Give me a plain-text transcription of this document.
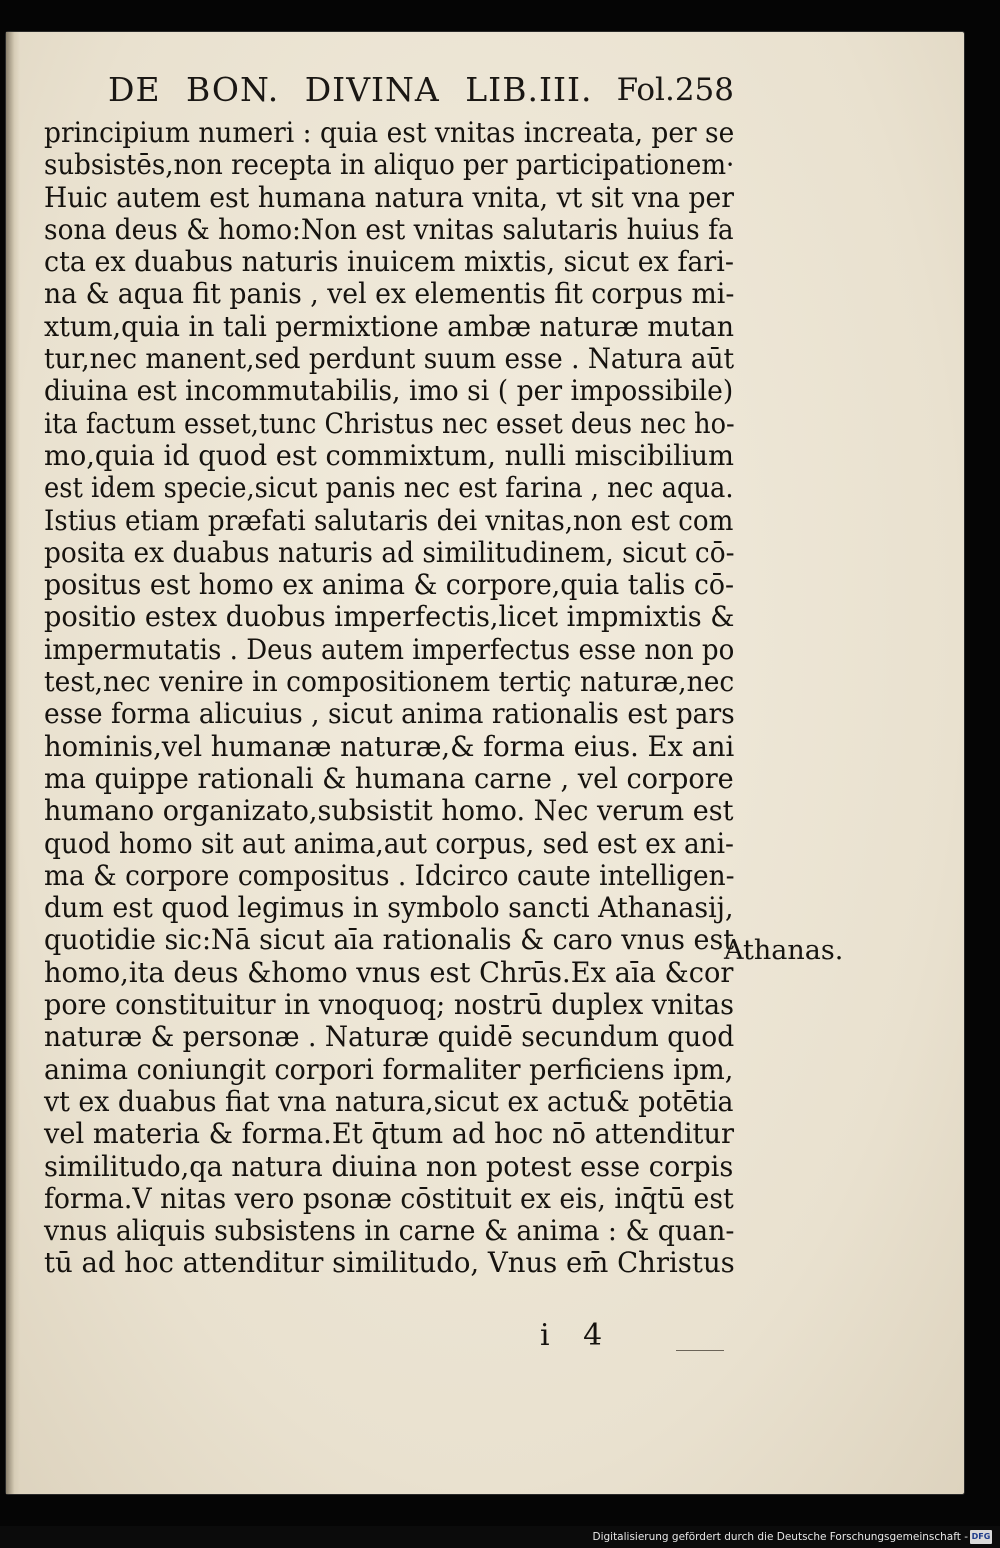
DE BON. DIVINA LIB.III. Fol.258
principium numeri : quia est vnitas increata, per se
subsistēs,non recepta in aliquo per participationem·
Huic autem est humana natura vnita, vt sit vna per
sona deus & homo:Non est vnitas salutaris huius fa
cta ex duabus naturis inuicem mixtis, sicut ex fari-
na & aqua fit panis , vel ex elementis fit corpus mi-
xtum,quia in tali permixtione ambæ naturæ mutan
tur,nec manent,sed perdunt suum esse . Natura aūt
diuina est incommutabilis, imo si ( per impossibile)
ita factum esset,tunc Christus nec esset deus nec ho-
mo,quia id quod est commixtum, nulli miscibilium
est idem specie,sicut panis nec est farina , nec aqua.
Istius etiam præfati salutaris dei vnitas,non est com
posita ex duabus naturis ad similitudinem, sicut cō-
positus est homo ex anima & corpore,quia talis cō-
positio estex duobus imperfectis,licet impmixtis &
impermutatis . Deus autem imperfectus esse non po
test,nec venire in compositionem tertiç naturæ,nec
esse forma alicuius , sicut anima rationalis est pars
hominis,vel humanæ naturæ,& forma eius. Ex ani
ma quippe rationali & humana carne , vel corpore
humano organizato,subsistit homo. Nec verum est
quod homo sit aut anima,aut corpus, sed est ex ani-
ma & corpore compositus . Idcirco caute intelligen-
dum est quod legimus in symbolo sancti Athanasij,
quotidie sic:Nā sicut aīa rationalis & caro vnus est
homo,ita deus &homo vnus est Chrūs.Ex aīa &cor
pore constituitur in vnoquoq; nostrū duplex vnitas
naturæ & personæ . Naturæ quidē secundum quod
anima coniungit corpori formaliter perficiens ipm,
vt ex duabus fiat vna natura,sicut ex actu& potētia
vel materia & forma.Et q̄tum ad hoc nō attenditur
similitudo,qa natura diuina non potest esse corpis
forma.V nitas vero psonæ cōstituit ex eis, inq̄tū est
vnus aliquis subsistens in carne & anima : & quan-
tū ad hoc attenditur similitudo, Vnus em̄ Christus
Athanas.
i 4
Digitalisierung gefördert durch die Deutsche Forschungsgemeinschaft - DFG
